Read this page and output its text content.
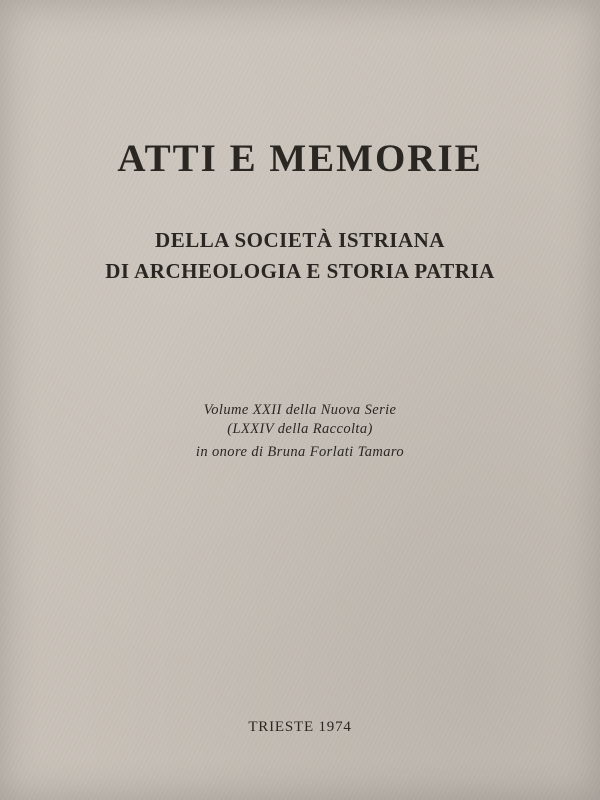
ATTI E MEMORIE
DELLA SOCIETÀ ISTRIANA
DI ARCHEOLOGIA E STORIA PATRIA
Volume XXII della Nuova Serie
(LXXIV della Raccolta)
in onore di Bruna Forlati Tamaro
TRIESTE 1974
